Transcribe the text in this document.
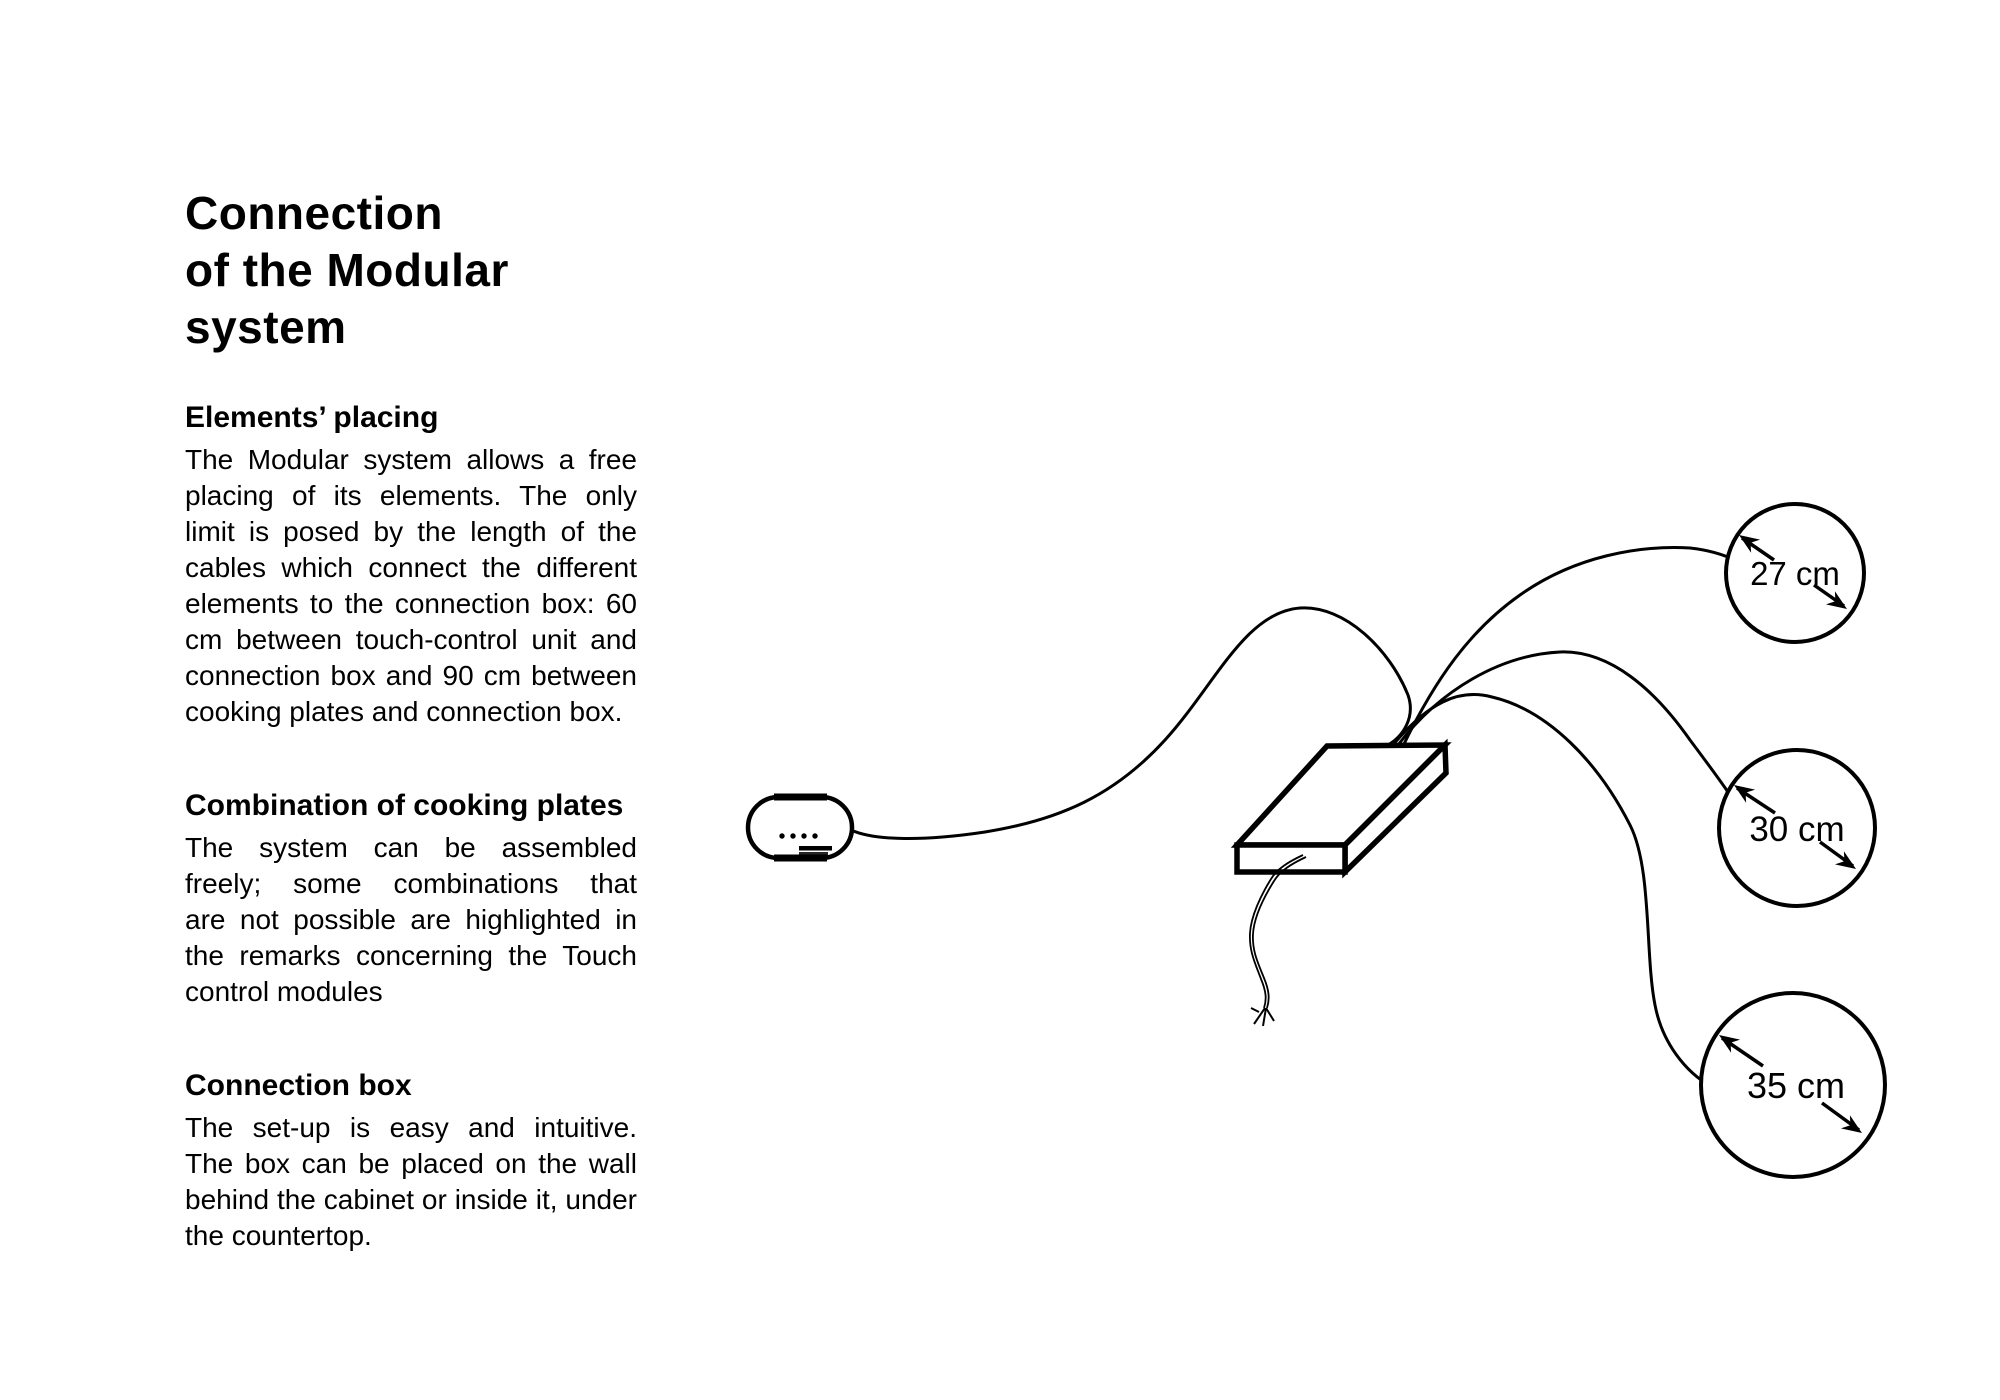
Connection
of the Modular system
Elements’ placing
The Modular system allows a free
placing of its elements. The only
limit is posed by the length of the
cables which connect the different
elements to the connection box: 60
cm between touch-control unit and
connection box and 90 cm between
cooking plates and connection box.
Combination of cooking plates
The system can be assembled
freely; some combinations that
are not possible are highlighted in
the remarks concerning the Touch
control modules
Connection box
The set-up is easy and intuitive.
The box can be placed on the wall
behind the cabinet or inside it, under
the countertop.
27 cm
30 cm
35 cm
